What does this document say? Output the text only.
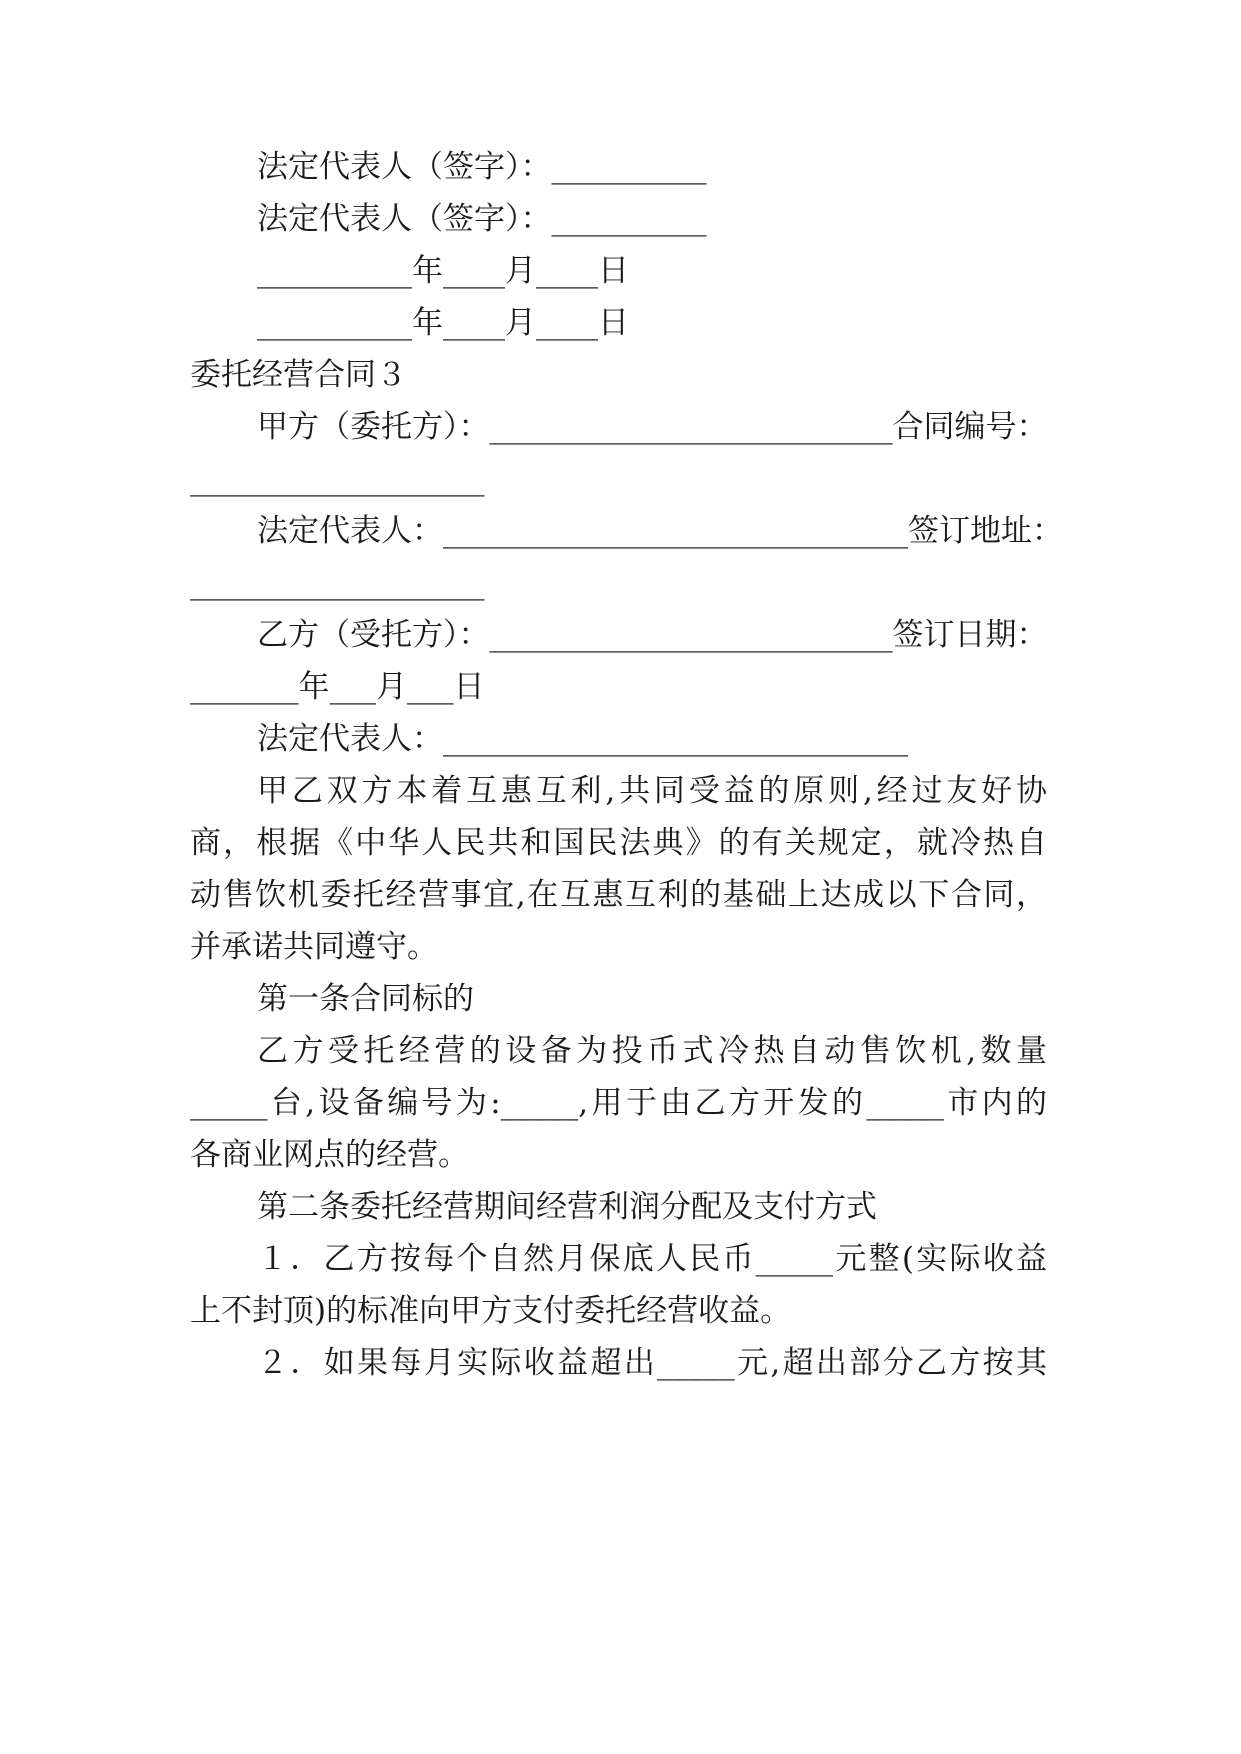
法定代表人（签字）：__________
法定代表人（签字）：__________
__________年____月____日
__________年____月____日
委托经营合同３
甲方（委托方）：__________________________合同编号：
___________________
法定代表人：______________________________签订地址：
___________________
乙方（受托方）：__________________________签订日期：
_______年___月___日
法定代表人：______________________________
甲乙双方本着互惠互利,共同受益的原则,经过友好协
商，根据《中华人民共和国民法典》的有关规定，就冷热自
动售饮机委托经营事宜,在互惠互利的基础上达成以下合同，
并承诺共同遵守。
第一条合同标的
乙方受托经营的设备为投币式冷热自动售饮机,数量
_____台,设备编号为:_____,用于由乙方开发的_____市内的
各商业网点的经营。
第二条委托经营期间经营利润分配及支付方式
１．乙方按每个自然月保底人民币_____元整(实际收益
上不封顶)的标准向甲方支付委托经营收益。
２．如果每月实际收益超出_____元,超出部分乙方按其
